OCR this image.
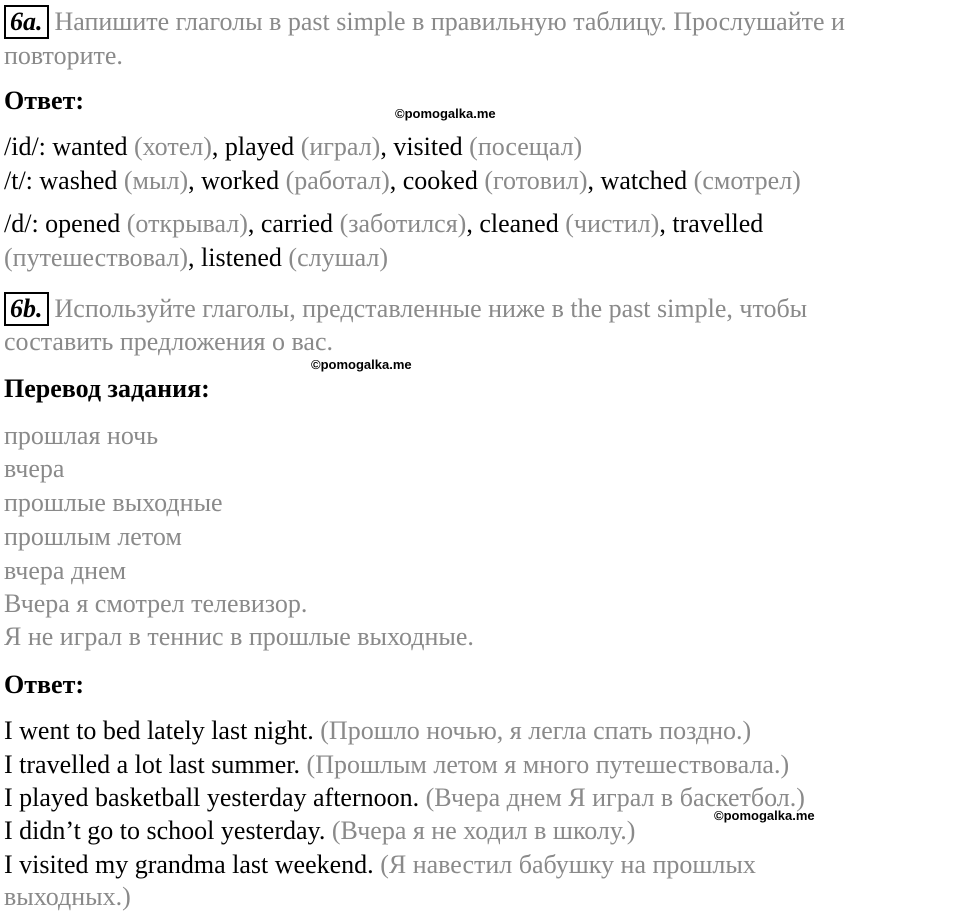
6a. Напишите глаголы в past simple в правильную таблицу. Прослушайте и
повторите.
Ответ:	©pomogalka.me
/id/: wanted (хотел), played (играл), visited (посещал)
/t/: washed (мыл), worked (работал), cooked (готовил), watched (смотрел)
/d/: opened (открывал), carried (заботился), cleaned (чистил), travelled
(путешествовал), listened (слушал)
6b. Используйте глаголы, представленные ниже в the past simple, чтобы
составить предложения о вас.
©pomogalka.me
Перевод задания:
прошлая ночь
вчера
прошлые выходные
прошлым летом
вчера днем
Вчера я смотрел телевизор.
Я не играл в теннис в прошлые выходные.
Ответ:
I went to bed lately last night. (Прошло ночью, я легла спать поздно.)
I travelled a lot last summer. (Прошлым летом я много путешествовала.)
I played basketball yesterday afternoon. (Вчера днем Я играл в баскетбол.)
I didn’t go to school yesterday. (Вчера я не ходил в школу.)
©pomogalka.me
I visited my grandma last weekend. (Я навестил бабушку на прошлых
выходных.)
